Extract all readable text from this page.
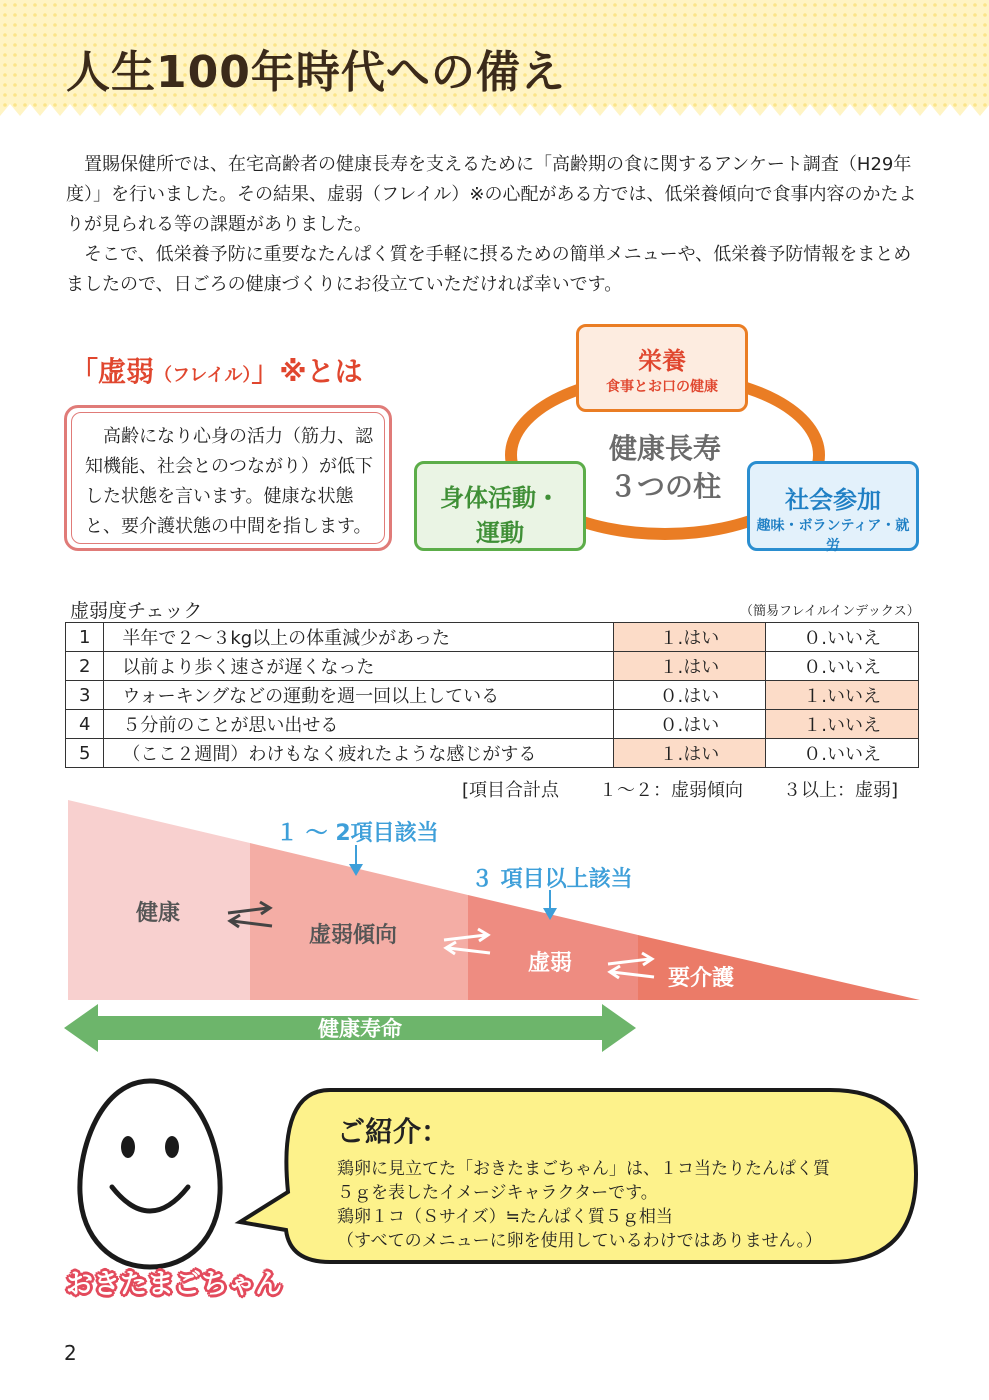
人生100年時代への備え
置賜保健所では、在宅高齢者の健康長寿を支えるために「高齢期の食に関するアンケート調査（H29年度）」を行いました。その結果、虚弱（フレイル）※の心配がある方では、低栄養傾向で食事内容のかたよりが見られる等の課題がありました。
そこで、低栄養予防に重要なたんぱく質を手軽に摂るための簡単メニューや、低栄養予防情報をまとめましたので、日ごろの健康づくりにお役立ていただければ幸いです。
「虚弱（フレイル）」※とは
高齢になり心身の活力（筋力、認知機能、社会とのつながり）が低下した状態を言います。健康な状態と、要介護状態の中間を指します。
健康長寿
３つの柱
栄養
食事とお口の健康
身体活動・
運動
社会参加
趣味・ボランティア・就労
虚弱度チェック	（簡易フレイルインデックス）
1	半年で２～３kg以上の体重減少があった	１.はい	０.いいえ
2	以前より歩く速さが遅くなった	１.はい	０.いいえ
3	ウォーキングなどの運動を週一回以上している	０.はい	１.いいえ
4	５分前のことが思い出せる	０.はい	１.いいえ
5	（ここ２週間）わけもなく疲れたような感じがする	１.はい	０.いいえ
[項目合計点 １～２：虚弱傾向 ３以上：虚弱]
健康
虚弱傾向
虚弱
要介護
１ ～ 2項目該当
３ 項目以上該当
健康寿命
おきたまごちゃん
ご紹介：
鶏卵に見立てた「おきたまごちゃん」は、１コ当たりたんぱく質
５ｇを表したイメージキャラクターです。
鶏卵１コ（Ｓサイズ）≒たんぱく質５ｇ相当
（すべてのメニューに卵を使用しているわけではありません。）
2
